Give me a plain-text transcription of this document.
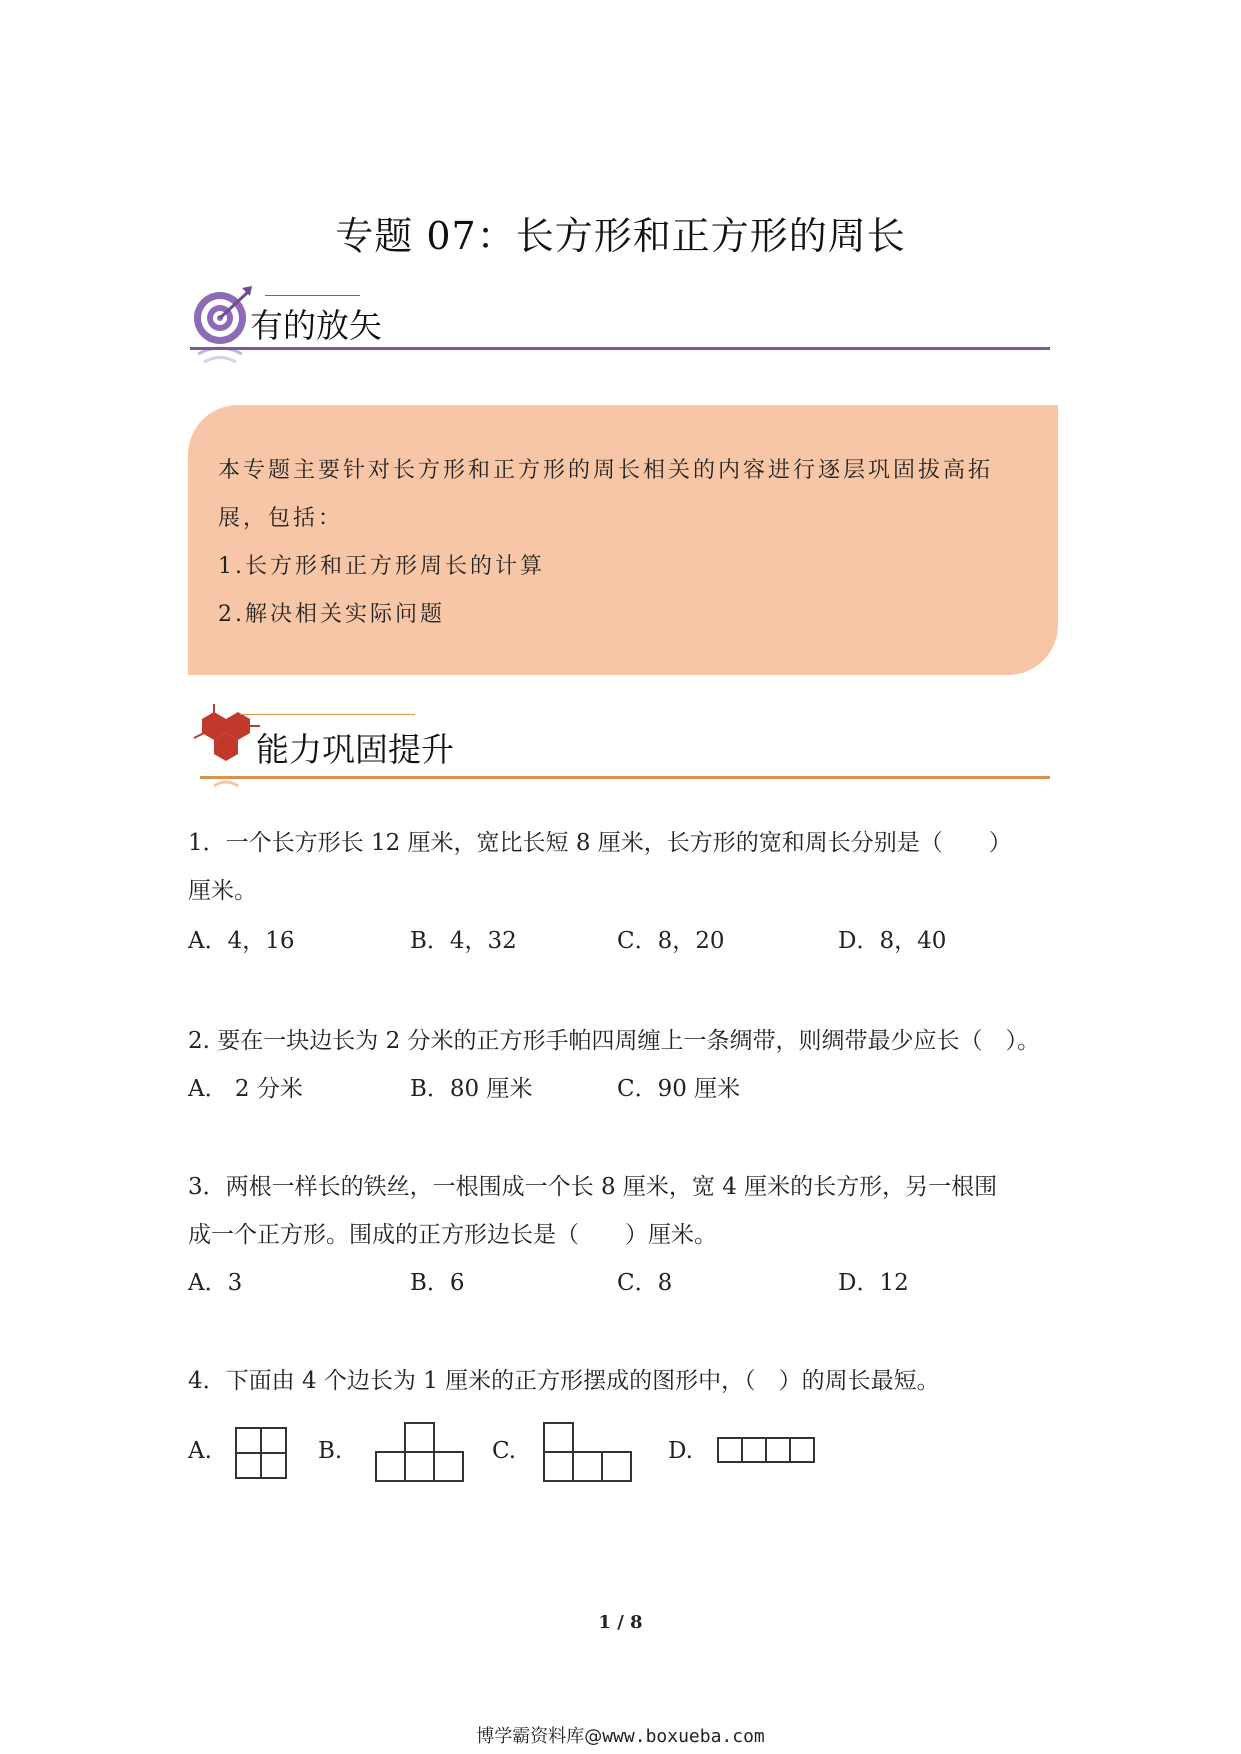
专题 07：长方形和正方形的周长
有的放矢
本专题主要针对长方形和正方形的周长相关的内容进行逐层巩固拔高拓
展，包括：
1.长方形和正方形周长的计算
2.解决相关实际问题
能力巩固提升
1．一个长方形长 12 厘米，宽比长短 8 厘米，长方形的宽和周长分别是（　　）
厘米。
A．4，16	B．4，32	C．8，20	D．8，40
2. 要在一块边长为 2 分米的正方形手帕四周缠上一条绸带，则绸带最少应长（　）。
A． 2 分米	B．80 厘米	C．90 厘米
3．两根一样长的铁丝，一根围成一个长 8 厘米，宽 4 厘米的长方形，另一根围
成一个正方形。围成的正方形边长是（　　）厘米。
A．3	B．6	C．8	D．12
4．下面由 4 个边长为 1 厘米的正方形摆成的图形中，（　）的周长最短。
A.	B.	C.	D.
1 / 8
博学霸资料库@www.boxueba.com
